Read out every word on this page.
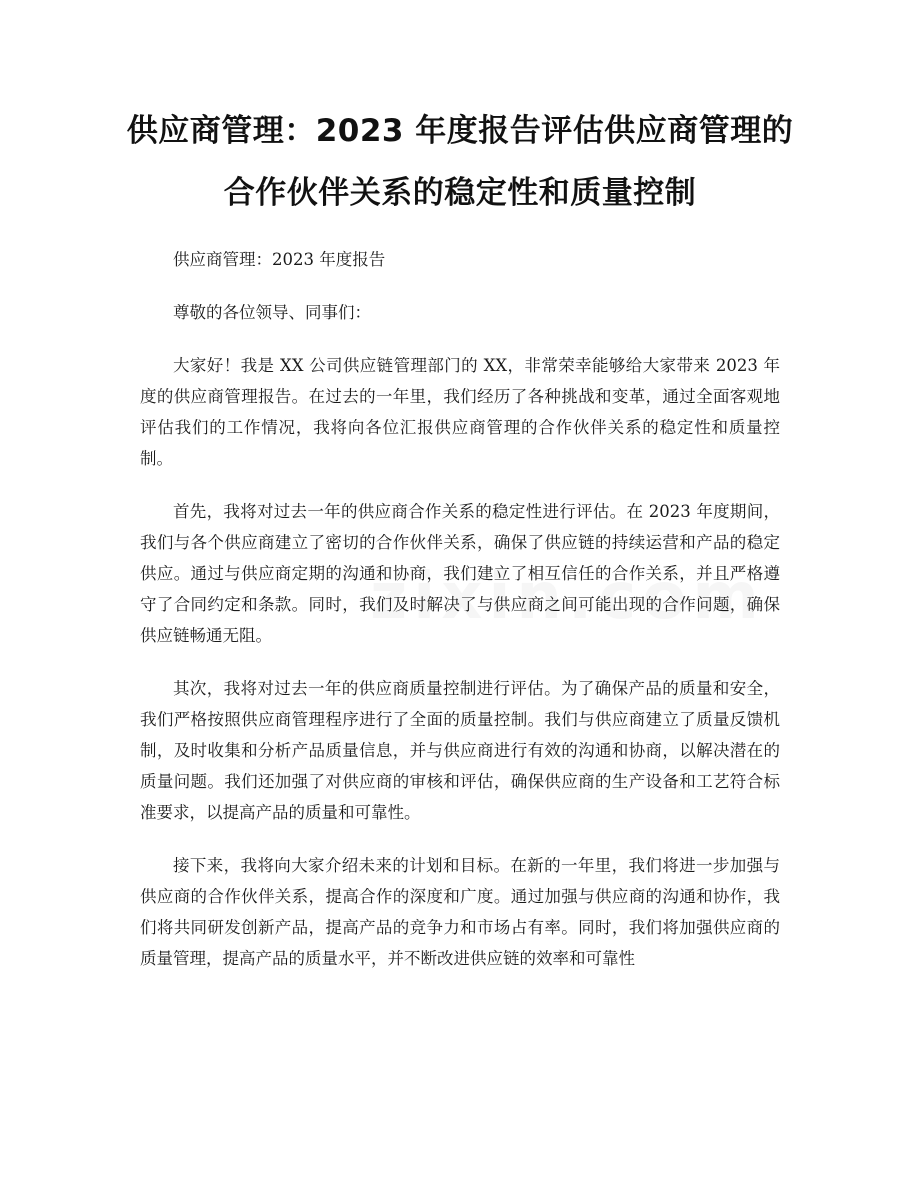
供应商管理：2023 年度报告评估供应商管理的合作伙伴关系的稳定性和质量控制

供应商管理：2023 年度报告

尊敬的各位领导、同事们：

大家好！我是 XX 公司供应链管理部门的 XX，非常荣幸能够给大家带来 2023 年度的供应商管理报告。在过去的一年里，我们经历了各种挑战和变革，通过全面客观地评估我们的工作情况，我将向各位汇报供应商管理的合作伙伴关系的稳定性和质量控制。

首先，我将对过去一年的供应商合作关系的稳定性进行评估。在 2023 年度期间，我们与各个供应商建立了密切的合作伙伴关系，确保了供应链的持续运营和产品的稳定供应。通过与供应商定期的沟通和协商，我们建立了相互信任的合作关系，并且严格遵守了合同约定和条款。同时，我们及时解决了与供应商之间可能出现的合作问题，确保供应链畅通无阻。

其次，我将对过去一年的供应商质量控制进行评估。为了确保产品的质量和安全，我们严格按照供应商管理程序进行了全面的质量控制。我们与供应商建立了质量反馈机制，及时收集和分析产品质量信息，并与供应商进行有效的沟通和协商，以解决潜在的质量问题。我们还加强了对供应商的审核和评估，确保供应商的生产设备和工艺符合标准要求，以提高产品的质量和可靠性。

接下来，我将向大家介绍未来的计划和目标。在新的一年里，我们将进一步加强与供应商的合作伙伴关系，提高合作的深度和广度。通过加强与供应商的沟通和协作，我们将共同研发创新产品，提高产品的竞争力和市场占有率。同时，我们将加强供应商的质量管理，提高产品的质量水平，并不断改进供应链的效率和可靠性
